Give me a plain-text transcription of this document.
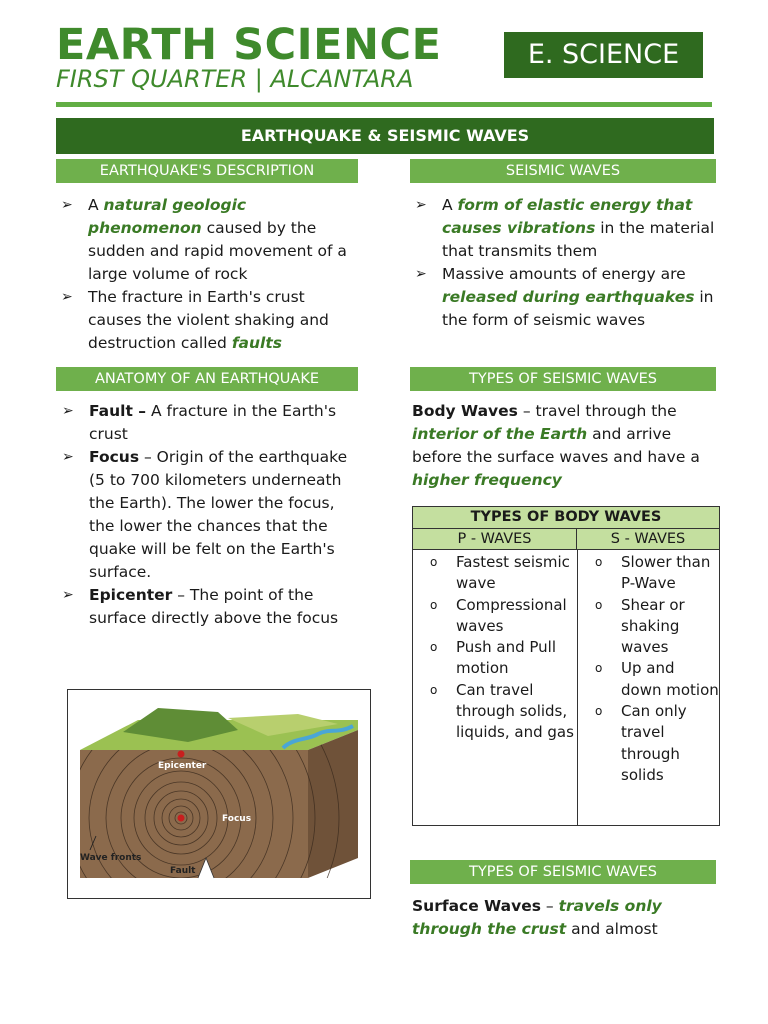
EARTH SCIENCE
FIRST QUARTER | ALCANTARA
E. SCIENCE
EARTHQUAKE & SEISMIC WAVES
EARTHQUAKE'S DESCRIPTION
➢ A natural geologic phenomenon caused by the sudden and rapid movement of a large volume of rock
➢ The fracture in Earth's crust causes the violent shaking and destruction called faults
ANATOMY OF AN EARTHQUAKE
➢ Fault – A fracture in the Earth's crust
➢ Focus – Origin of the earthquake (5 to 700 kilometers underneath the Earth). The lower the focus, the lower the chances that the quake will be felt on the Earth's surface.
➢ Epicenter – The point of the surface directly above the focus
Epicenter
Focus
Wave fronts
Fault
SEISMIC WAVES
➢ A form of elastic energy that causes vibrations in the material that transmits them
➢ Massive amounts of energy are released during earthquakes in the form of seismic waves
TYPES OF SEISMIC WAVES
Body Waves – travel through the interior of the Earth and arrive before the surface waves and have a higher frequency
TYPES OF BODY WAVES
P - WAVES	S - WAVES
o Fastest seismic wave
o Compressional waves
o Push and Pull motion
o Can travel through solids, liquids, and gas
o Slower than P-Wave
o Shear or shaking waves
o Up and down motion
o Can only travel through solids
TYPES OF SEISMIC WAVES
Surface Waves – travels only through the crust and almost
